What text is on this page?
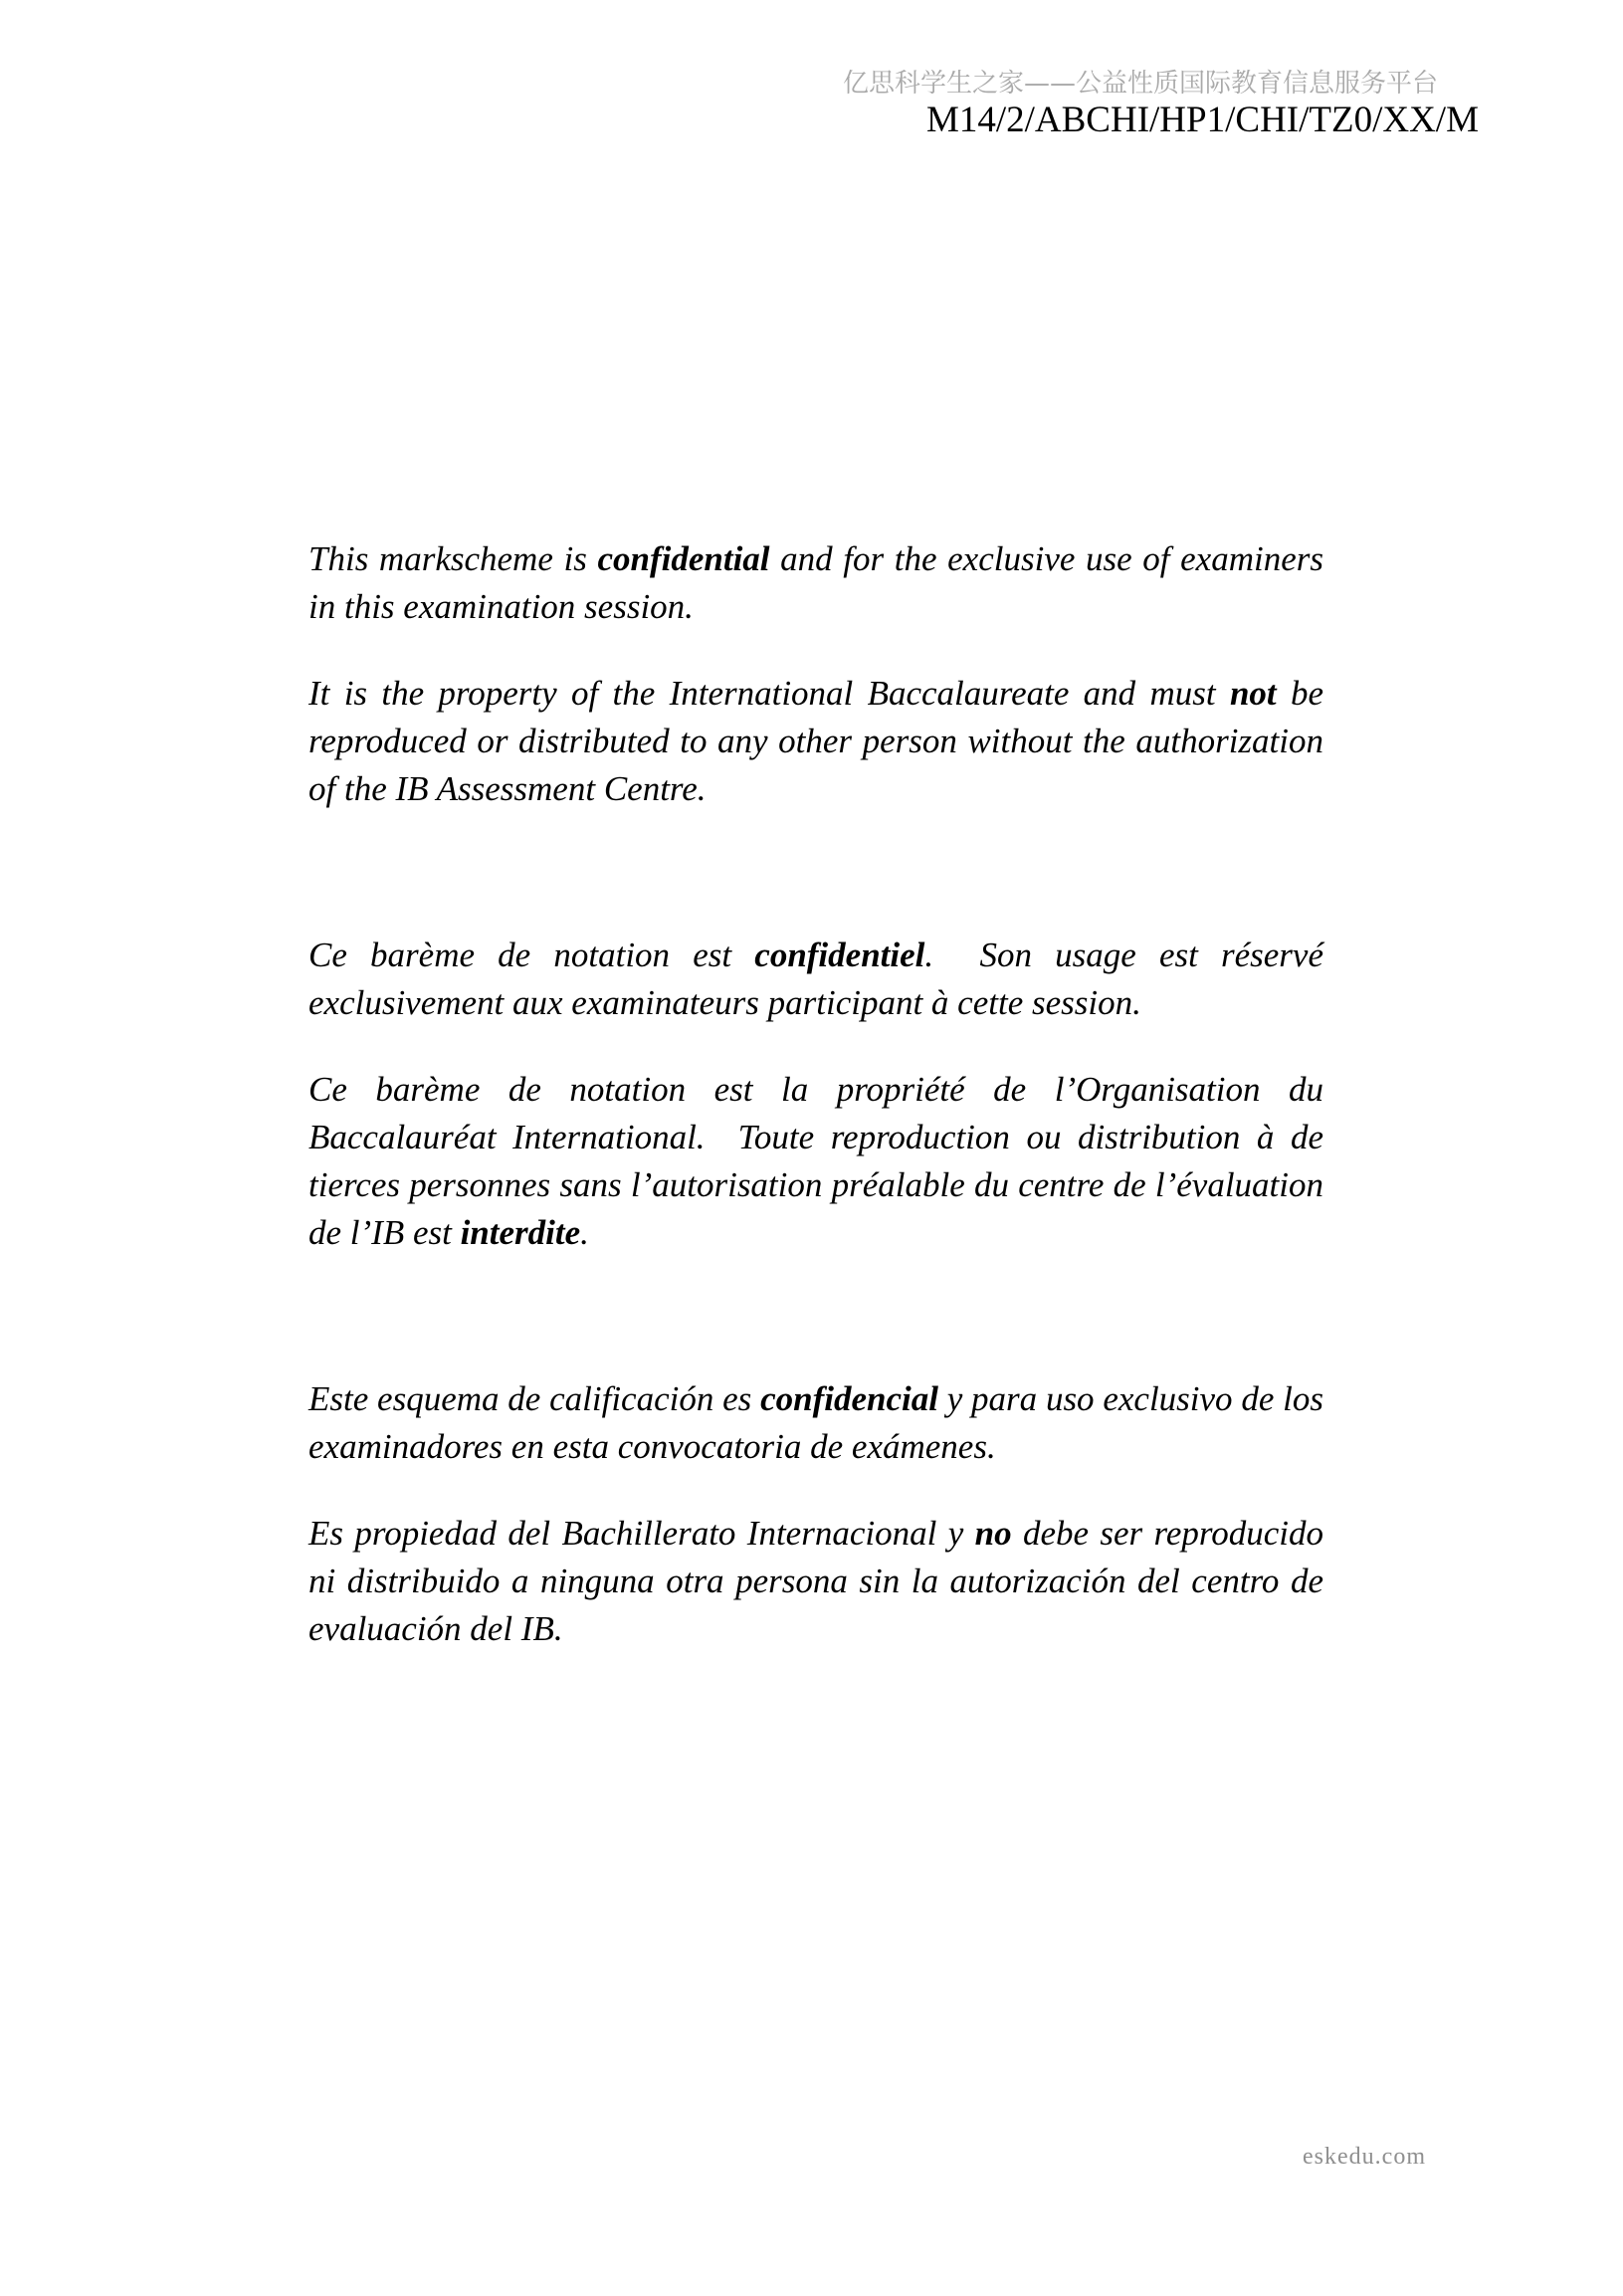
亿思科学生之家——公益性质国际教育信息服务平台
M14/2/ABCHI/HP1/CHI/TZ0/XX/M

This markscheme is confidential and for the exclusive use of examiners in this examination session.

It is the property of the International Baccalaureate and must not be reproduced or distributed to any other person without the authorization of the IB Assessment Centre.

Ce barème de notation est confidentiel.  Son usage est réservé exclusivement aux examinateurs participant à cette session.

Ce barème de notation est la propriété de l’Organisation du Baccalauréat International.  Toute reproduction ou distribution à de tierces personnes sans l’autorisation préalable du centre de l’évaluation de l’IB est interdite.

Este esquema de calificación es confidencial y para uso exclusivo de los examinadores en esta convocatoria de exámenes.

Es propiedad del Bachillerato Internacional y no debe ser reproducido ni distribuido a ninguna otra persona sin la autorización del centro de evaluación del IB.

eskedu.com
